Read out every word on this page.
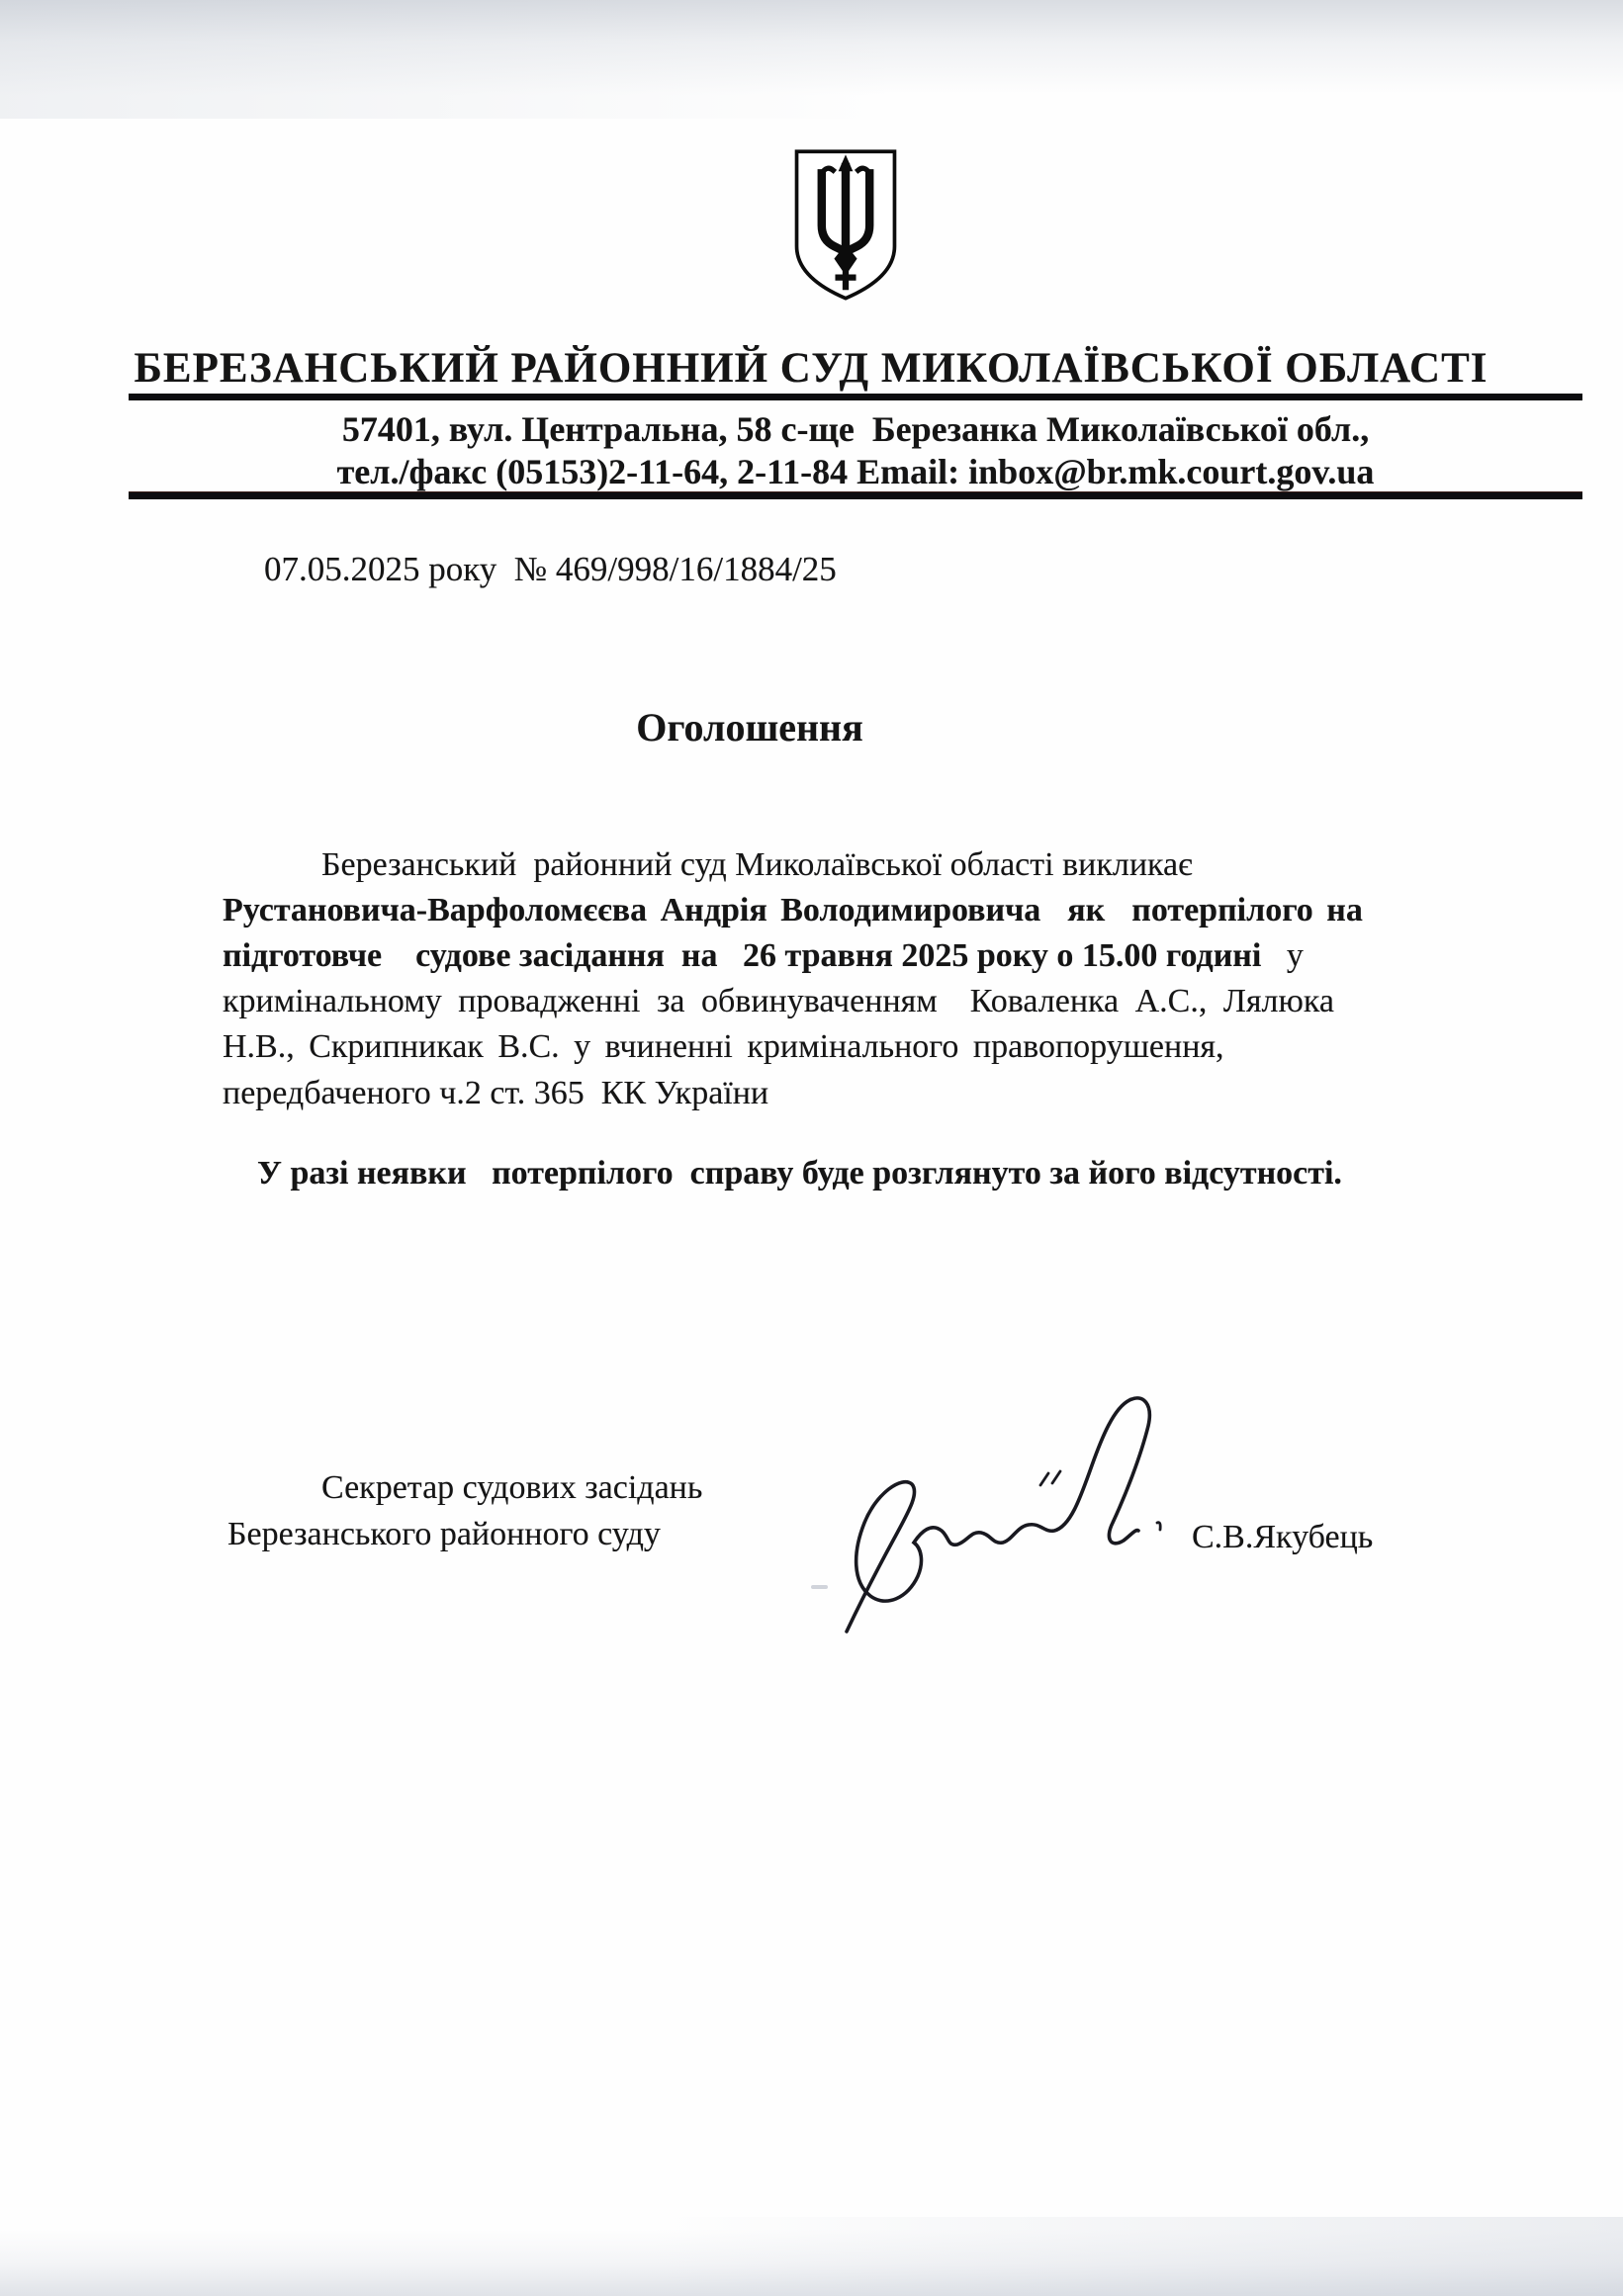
БЕРЕЗАНСЬКИЙ РАЙОННИЙ СУД МИКОЛАЇВСЬКОЇ ОБЛАСТІ
57401, вул. Центральна, 58 с-ще  Березанка Миколаївської обл.,
тел./факс (05153)2-11-64, 2-11-84 Email: inbox@br.mk.court.gov.ua
07.05.2025 року  № 469/998/16/1884/25
Оголошення
Березанський  районний суд Миколаївської області викликає
Рустановича-Варфоломєєва Андрія Володимировича  як  потерпілого на
підготовче    судове засідання  на   26 травня 2025 року о 15.00 годині   у
кримінальному провадженні за обвинуваченням  Коваленка А.С., Лялюка
Н.В., Скрипникак В.С. у вчиненні кримінального правопорушення,
передбаченого ч.2 ст. 365  КК України
У разі неявки   потерпілого  справу буде розглянуто за його відсутності.
Секретар судових засідань
Березанського районного суду	С.В.Якубець
